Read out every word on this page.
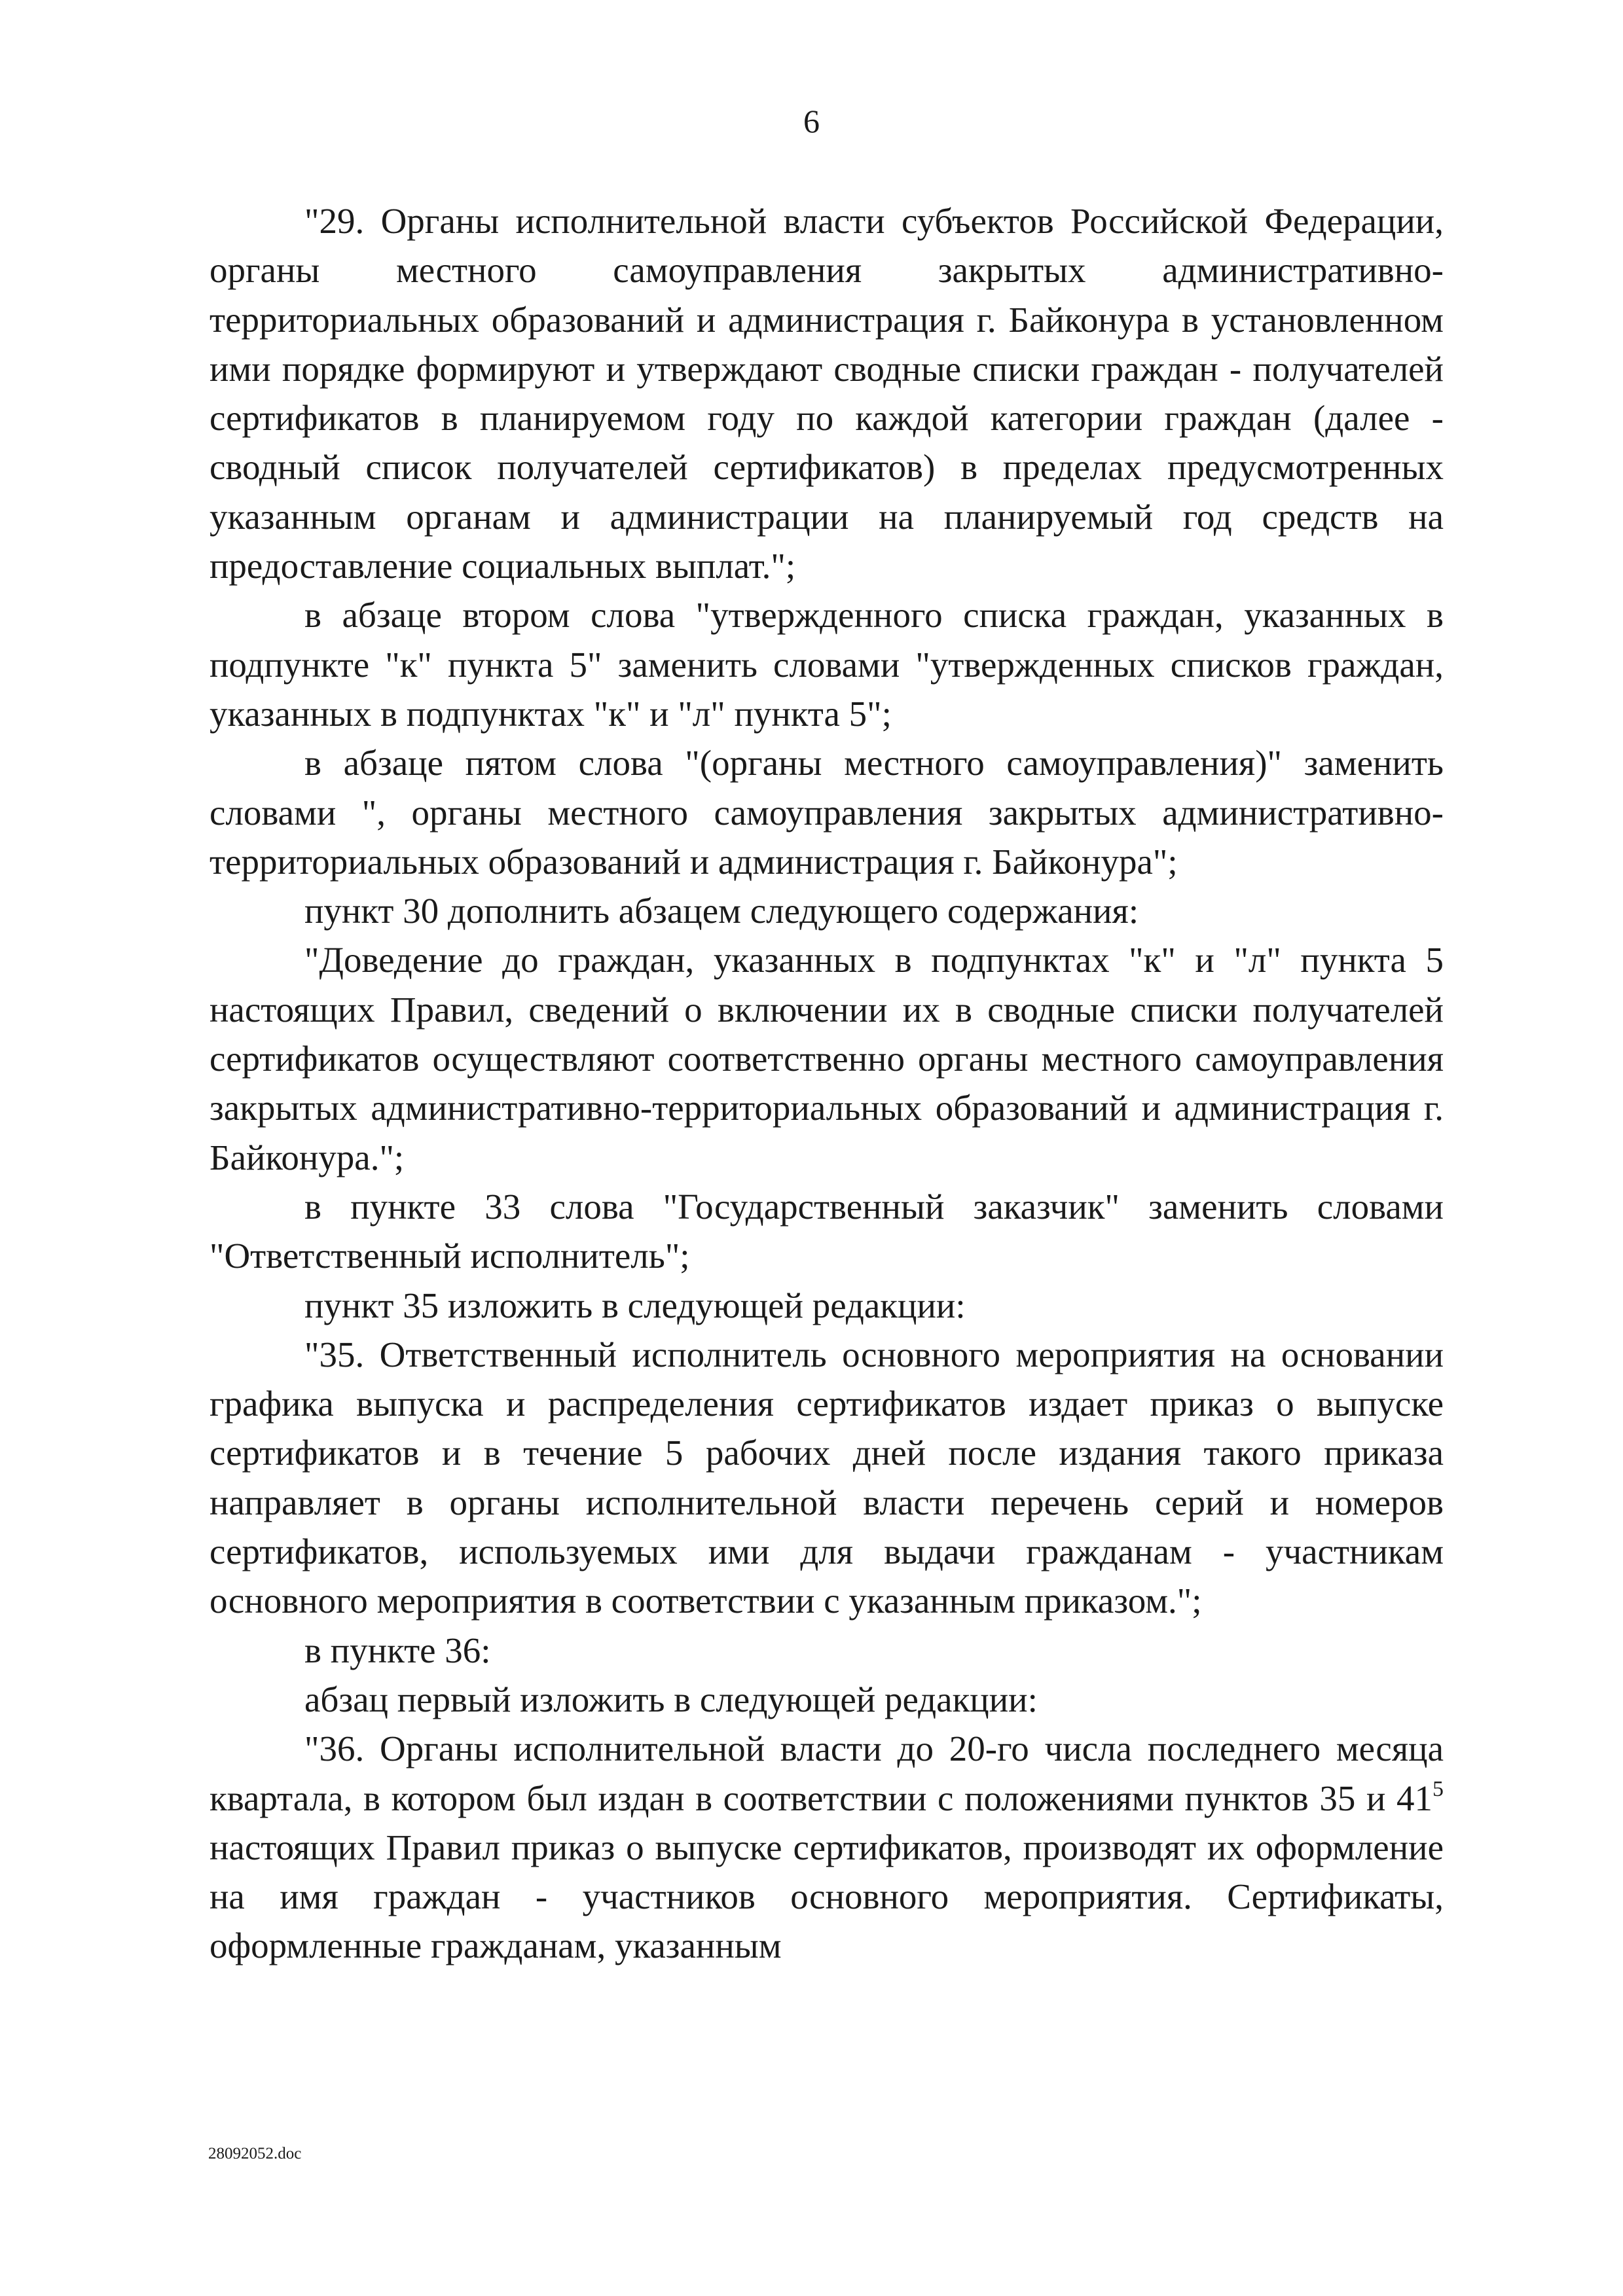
6

"29. Органы исполнительной власти субъектов Российской Федерации, органы местного самоуправления закрытых административно-территориальных образований и администрация г. Байконура в установленном ими порядке формируют и утверждают сводные списки граждан - получателей сертификатов в планируемом году по каждой категории граждан (далее - сводный список получателей сертификатов) в пределах предусмотренных указанным органам и администрации на планируемый год средств на предоставление социальных выплат.";

в абзаце втором слова "утвержденного списка граждан, указанных в подпункте "к" пункта 5" заменить словами "утвержденных списков граждан, указанных в подпунктах "к" и "л" пункта 5";

в абзаце пятом слова "(органы местного самоуправления)" заменить словами ", органы местного самоуправления закрытых административно-территориальных образований и администрация г. Байконура";

пункт 30 дополнить абзацем следующего содержания:

"Доведение до граждан, указанных в подпунктах "к" и "л" пункта 5 настоящих Правил, сведений о включении их в сводные списки получателей сертификатов осуществляют соответственно органы местного самоуправления закрытых административно-территориальных образований и администрация г. Байконура.";

в пункте 33 слова "Государственный заказчик" заменить словами "Ответственный исполнитель";

пункт 35 изложить в следующей редакции:

"35. Ответственный исполнитель основного мероприятия на основании графика выпуска и распределения сертификатов издает приказ о выпуске сертификатов и в течение 5 рабочих дней после издания такого приказа направляет в органы исполнительной власти перечень серий и номеров сертификатов, используемых ими для выдачи гражданам - участникам основного мероприятия в соответствии с указанным приказом.";

в пункте 36:

абзац первый изложить в следующей редакции:

"36. Органы исполнительной власти до 20-го числа последнего месяца квартала, в котором был издан в соответствии с положениями пунктов 35 и $41^5$ настоящих Правил приказ о выпуске сертификатов, производят их оформление на имя граждан - участников основного мероприятия. Сертификаты, оформленные гражданам, указанным

28092052.doc
